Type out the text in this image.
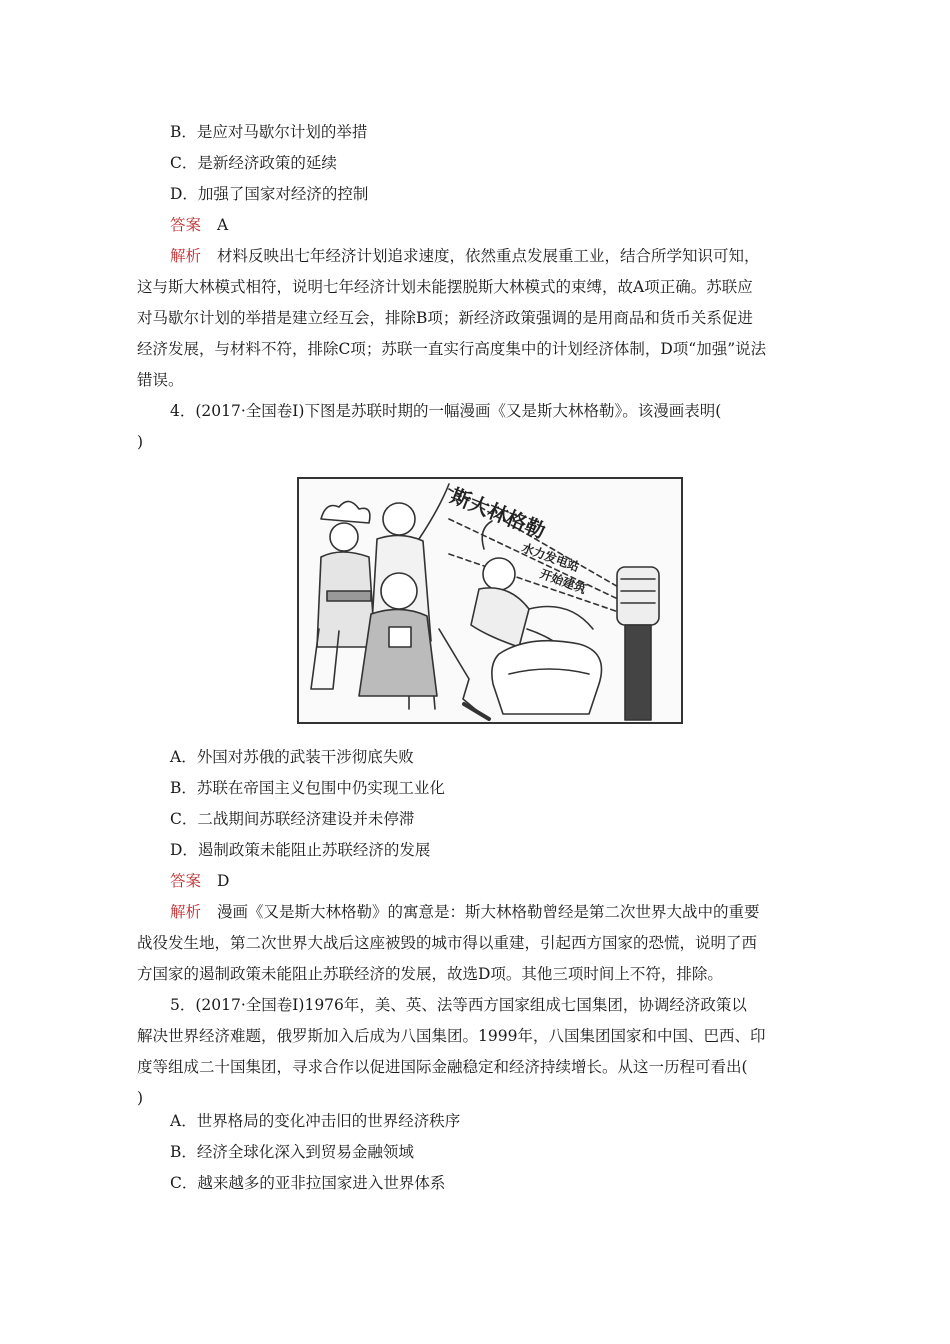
B．是应对马歇尔计划的举措
C．是新经济政策的延续
D．加强了国家对经济的控制
答案 A
解析 材料反映出七年经济计划追求速度，依然重点发展重工业，结合所学知识可知，
这与斯大林模式相符，说明七年经济计划未能摆脱斯大林模式的束缚，故A项正确。苏联应
对马歇尔计划的举措是建立经互会，排除B项；新经济政策强调的是用商品和货币关系促进
经济发展，与材料不符，排除C项；苏联一直实行高度集中的计划经济体制，D项“加强”说法
错误。
4．(2017·全国卷Ⅰ)下图是苏联时期的一幅漫画《又是斯大林格勒》。该漫画表明(
)
斯大林格勒
水力发电站
开始建筑
A．外国对苏俄的武装干涉彻底失败
B．苏联在帝国主义包围中仍实现工业化
C．二战期间苏联经济建设并未停滞
D．遏制政策未能阻止苏联经济的发展
答案 D
解析 漫画《又是斯大林格勒》的寓意是：斯大林格勒曾经是第二次世界大战中的重要
战役发生地，第二次世界大战后这座被毁的城市得以重建，引起西方国家的恐慌，说明了西
方国家的遏制政策未能阻止苏联经济的发展，故选D项。其他三项时间上不符，排除。
5．(2017·全国卷Ⅰ)1976年，美、英、法等西方国家组成七国集团，协调经济政策以
解决世界经济难题，俄罗斯加入后成为八国集团。1999年，八国集团国家和中国、巴西、印
度等组成二十国集团，寻求合作以促进国际金融稳定和经济持续增长。从这一历程可看出(
)
A．世界格局的变化冲击旧的世界经济秩序
B．经济全球化深入到贸易金融领域
C．越来越多的亚非拉国家进入世界体系
